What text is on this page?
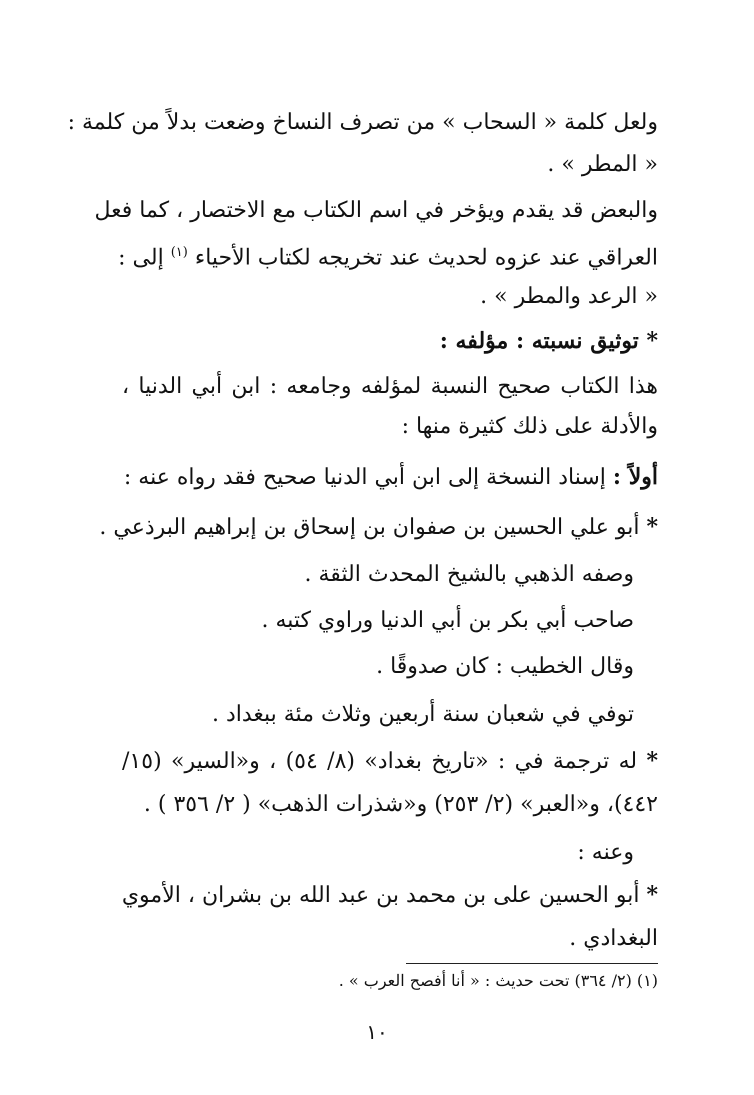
ولعل كلمة « السحاب » من تصرف النساخ وضعت بدلاً من كلمة :
« المطر » .
والبعض قد يقدم ويؤخر في اسم الكتاب مع الاختصار ، كما فعل
العراقي عند عزوه لحديث عند تخريجه لكتاب الأحياء $^{(١)}$ إلى :
« الرعد والمطر » .
* توثيق نسبته : مؤلفه :
هذا الكتاب صحيح النسبة لمؤلفه وجامعه : ابن أبي الدنيا ،
والأدلة على ذلك كثيرة منها :
أولاً : إسناد النسخة إلى ابن أبي الدنيا صحيح فقد رواه عنه :
* أبو علي الحسين بن صفوان بن إسحاق بن إبراهيم البرذعي .
وصفه الذهبي بالشيخ المحدث الثقة .
صاحب أبي بكر بن أبي الدنيا وراوي كتبه .
وقال الخطيب : كان صدوقًا .
توفي في شعبان سنة أربعين وثلاث مئة ببغداد .
* له ترجمة في : «تاريخ بغداد» (٨/ ٥٤) ، و«السير» (١٥/
٤٤٢)، و«العبر» (٢/ ٢٥٣) و«شذرات الذهب» ( ٢/ ٣٥٦ ) .
وعنه :
* أبو الحسين على بن محمد بن عبد الله بن بشران ، الأموي
البغدادي .
(١) (٢/ ٣٦٤) تحت حديث : « أنا أفصح العرب » .
١٠
